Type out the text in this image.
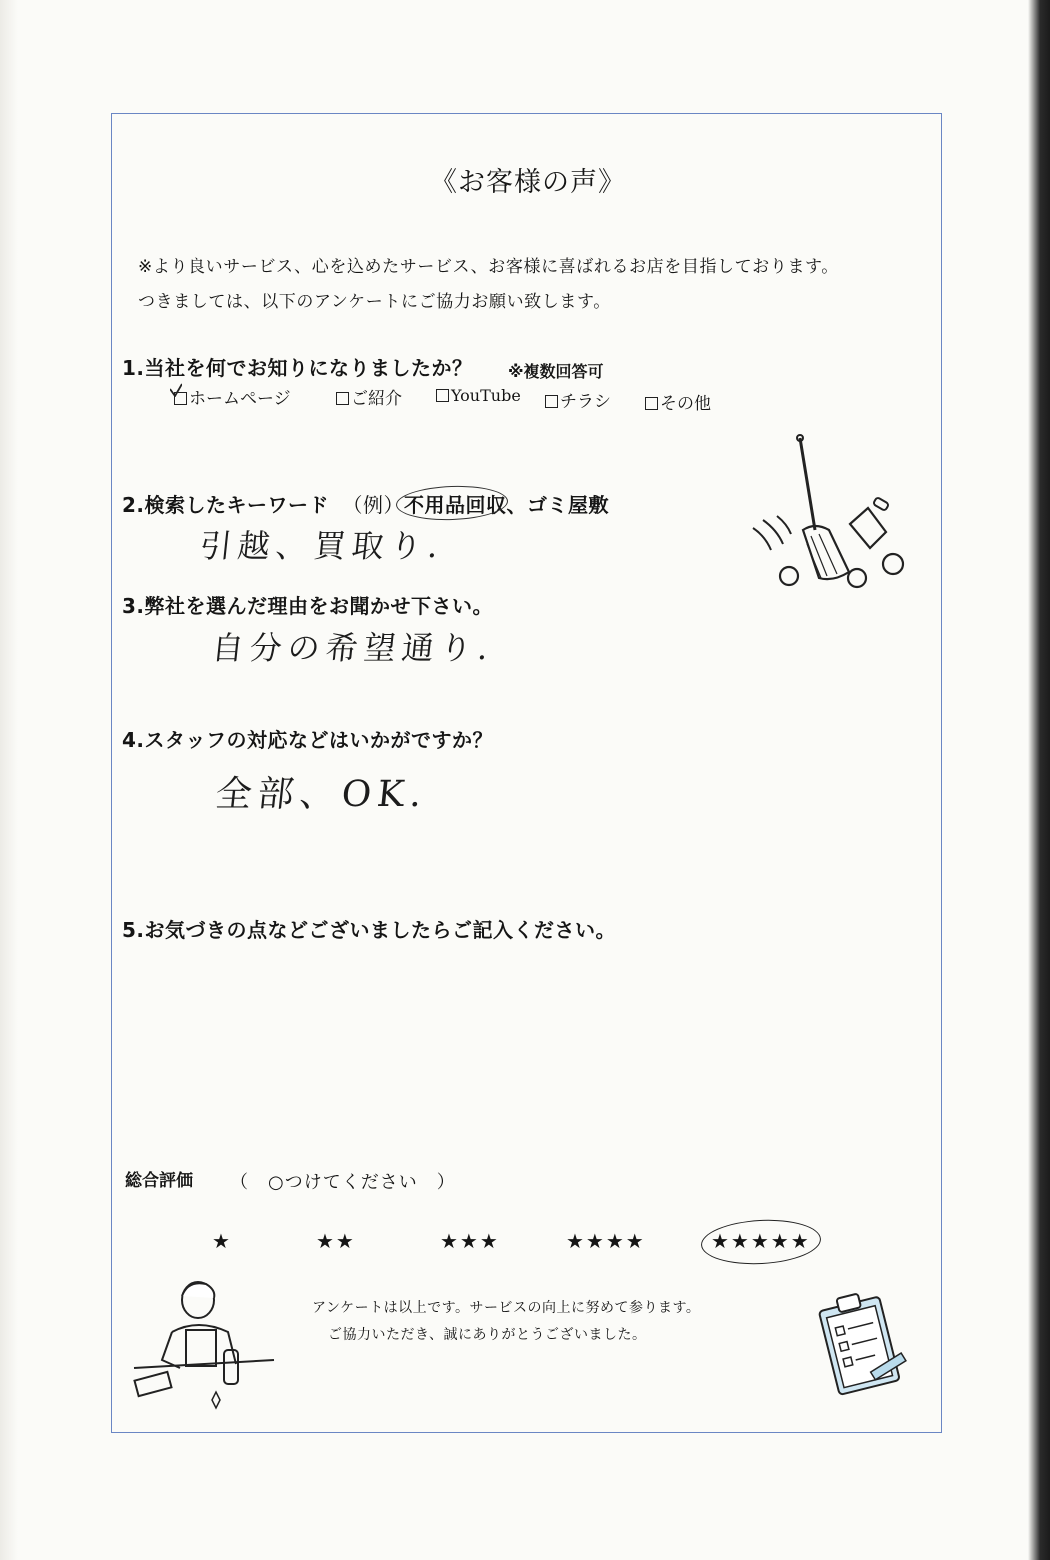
《お客様の声》
※より良いサービス、心を込めたサービス、お客様に喜ばれるお店を目指しております。
つきましては、以下のアンケートにご協力お願い致します。
1.当社を何でお知りになりましたか？ ※複数回答可
ホームページ	ご紹介	YouTube	チラシ	その他
2.検索したキーワード （例）不用品回収、ゴミ屋敷
引越、買取り.
3.弊社を選んだ理由をお聞かせ下さい。
自分の希望通り.
4.スタッフの対応などはいかがですか？
全部、OK.
5.お気づきの点などございましたらご記入ください。
総合評価 （　○つけてください　）
★	★★	★★★	★★★★	★★★★★
アンケートは以上です。サービスの向上に努めて参ります。
ご協力いただき、誠にありがとうございました。
